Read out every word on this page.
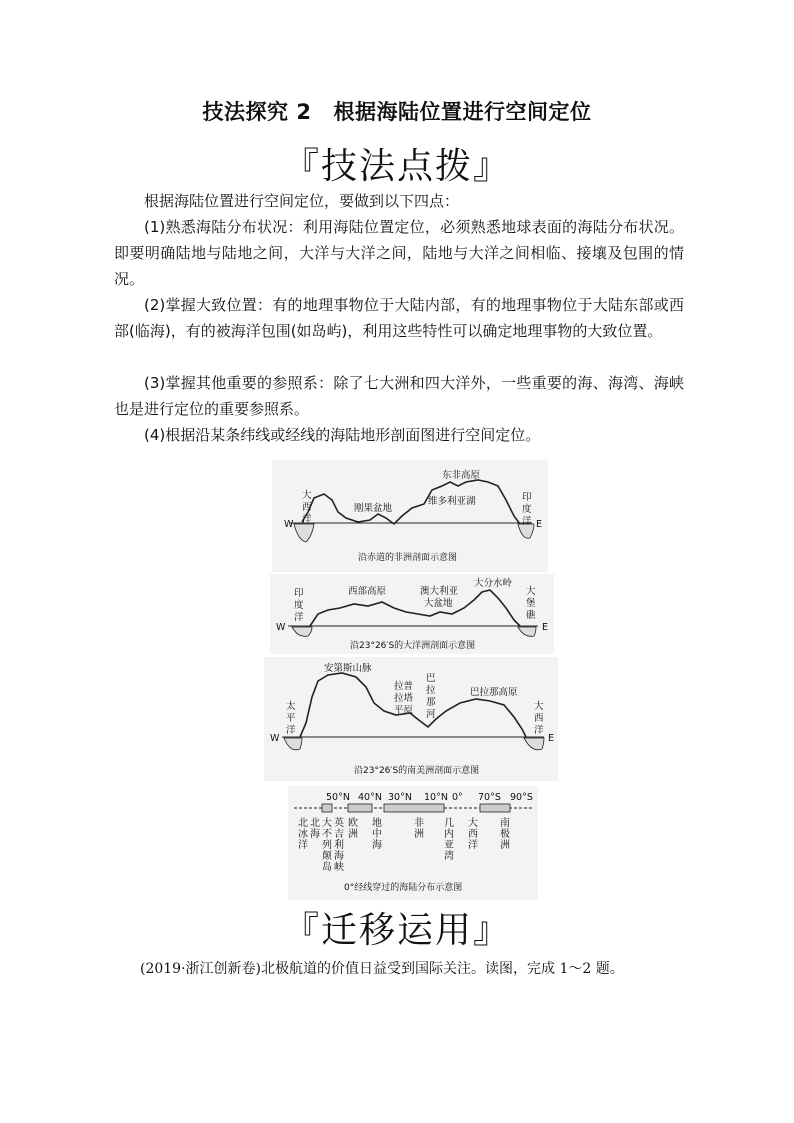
技法探究 2 根据海陆位置进行空间定位
『技法点拨』
根据海陆位置进行空间定位，要做到以下四点：
(1)熟悉海陆分布状况：利用海陆位置定位，必须熟悉地球表面的海陆分布状况。即要明确陆地与陆地之间，大洋与大洋之间，陆地与大洋之间相临、接壤及包围的情况。
(2)掌握大致位置：有的地理事物位于大陆内部，有的地理事物位于大陆东部或西部(临海)，有的被海洋包围(如岛屿)，利用这些特性可以确定地理事物的大致位置。
(3)掌握其他重要的参照系：除了七大洲和四大洋外，一些重要的海、海湾、海峡也是进行定位的重要参照系。
(4)根据沿某条纬线或经线的海陆地形剖面图进行空间定位。
W	E
大
西
洋
印
度
洋
刚果盆地
东非高原
维多利亚湖
沿赤道的非洲剖面示意图
W	E
印
度
洋
西部高原	澳大利亚
大盆地
大分水岭
大
堡
礁
沿23°26′S的大洋洲剖面示意图
W	E
太
平
洋
大
西
洋
安第斯山脉
拉普
拉塔
平原
巴
拉
那
河
巴拉那高原
沿23°26′S的南美洲剖面示意图
50°N 40°N 30°N 10°N 0° 70°S 90°S
北
冰
洋
北
海
大
不
列
颠
岛
英
吉
利
海
峡
欧
洲
地
中
海
非
洲
几
内
亚
湾
大
西
洋
南
极
洲
0°经线穿过的海陆分布示意图
『迁移运用』
(2019·浙江创新卷)北极航道的价值日益受到国际关注。读图，完成 1～2 题。
